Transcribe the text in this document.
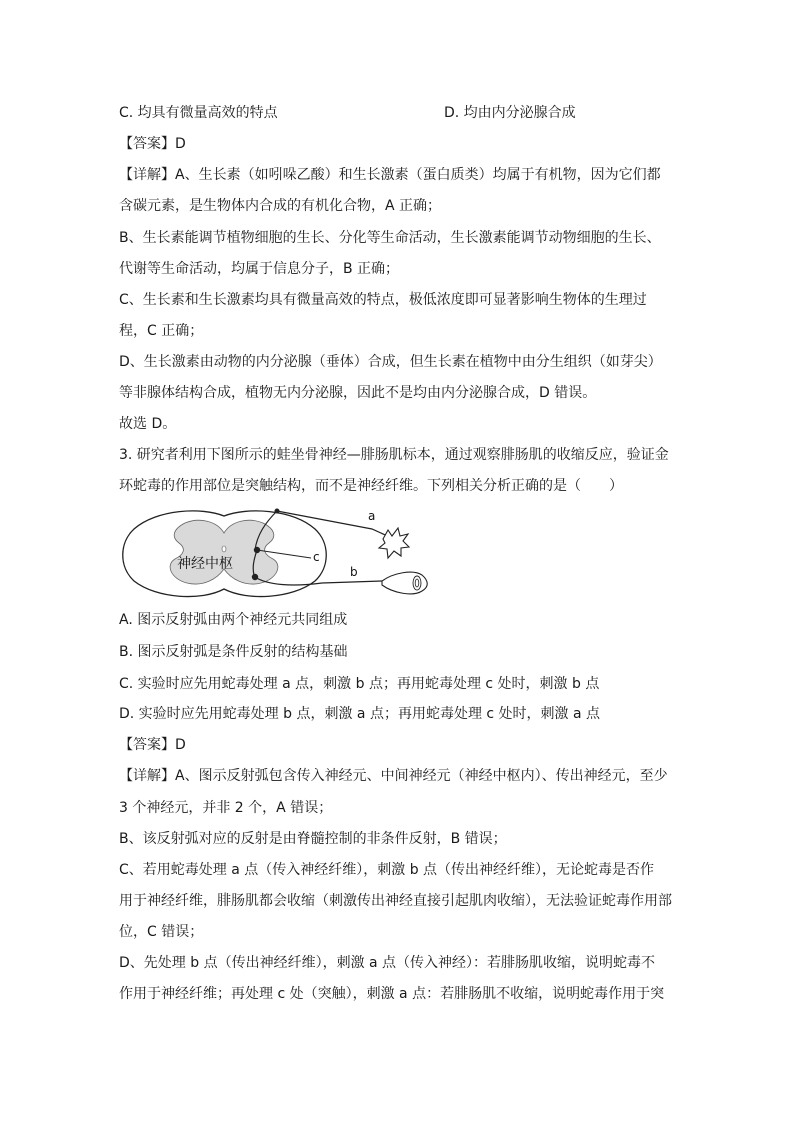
C. 均具有微量高效的特点	D. 均由内分泌腺合成
【答案】D
【详解】A、生长素（如吲哚乙酸）和生长激素（蛋白质类）均属于有机物，因为它们都
含碳元素，是生物体内合成的有机化合物，A 正确；
B、生长素能调节植物细胞的生长、分化等生命活动，生长激素能调节动物细胞的生长、
代谢等生命活动，均属于信息分子，B 正确；
C、生长素和生长激素均具有微量高效的特点，极低浓度即可显著影响生物体的生理过
程，C 正确；
D、生长激素由动物的内分泌腺（垂体）合成，但生长素在植物中由分生组织（如芽尖）
等非腺体结构合成，植物无内分泌腺，因此不是均由内分泌腺合成，D 错误。
故选 D。
3. 研究者利用下图所示的蛙坐骨神经—腓肠肌标本，通过观察腓肠肌的收缩反应，验证金
环蛇毒的作用部位是突触结构，而不是神经纤维。下列相关分析正确的是（　　）
神经中枢
a
b
c
A. 图示反射弧由两个神经元共同组成
B. 图示反射弧是条件反射的结构基础
C. 实验时应先用蛇毒处理 a 点，刺激 b 点；再用蛇毒处理 c 处时，刺激 b 点
D. 实验时应先用蛇毒处理 b 点，刺激 a 点；再用蛇毒处理 c 处时，刺激 a 点
【答案】D
【详解】A、图示反射弧包含传入神经元、中间神经元（神经中枢内）、传出神经元，至少
3 个神经元，并非 2 个，A 错误；
B、该反射弧对应的反射是由脊髓控制的非条件反射，B 错误；
C、若用蛇毒处理 a 点（传入神经纤维），刺激 b 点（传出神经纤维），无论蛇毒是否作
用于神经纤维，腓肠肌都会收缩（刺激传出神经直接引起肌肉收缩），无法验证蛇毒作用部
位，C 错误；
D、先处理 b 点（传出神经纤维），刺激 a 点（传入神经）：若腓肠肌收缩，说明蛇毒不
作用于神经纤维；再处理 c 处（突触），刺激 a 点：若腓肠肌不收缩，说明蛇毒作用于突
